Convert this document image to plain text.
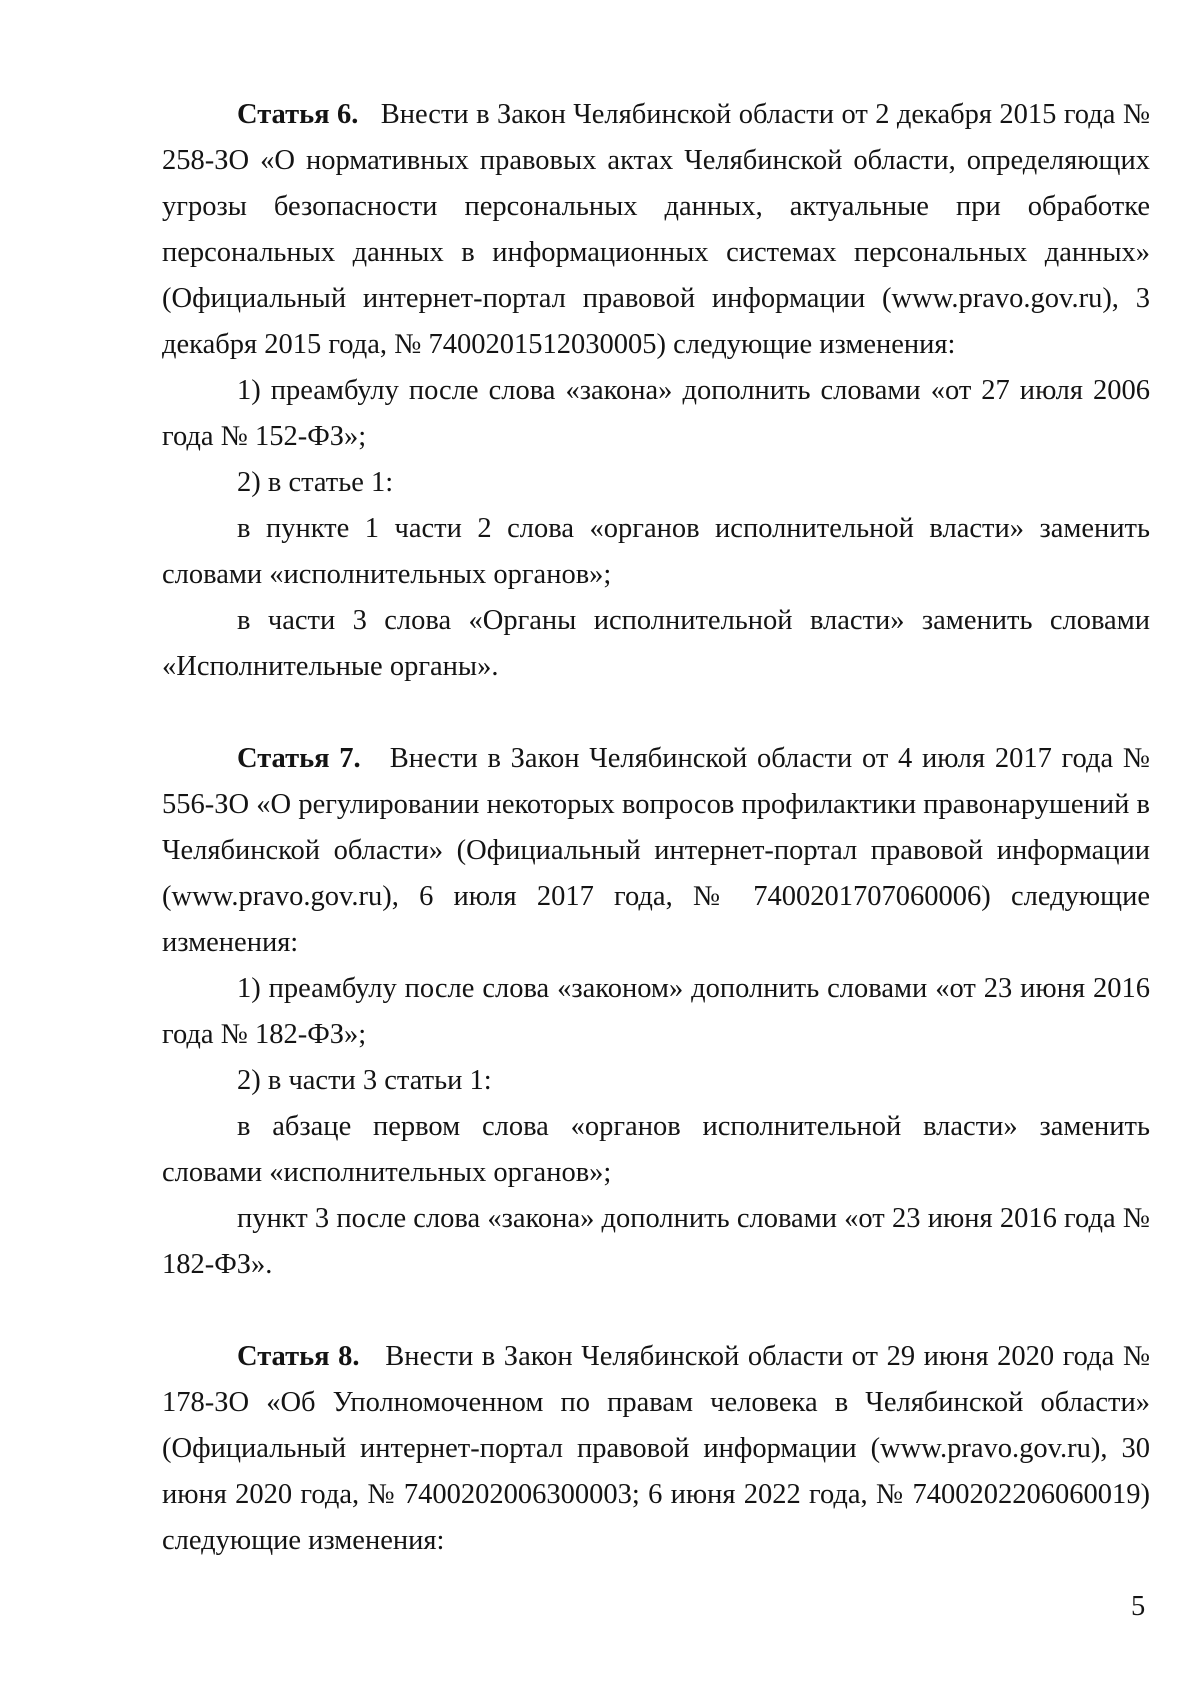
Статья 6. Внести в Закон Челябинской области от 2 декабря 2015 года № 258-ЗО «О нормативных правовых актах Челябинской области, определяющих угрозы безопасности персональных данных, актуальные при обработке персональных данных в информационных системах персональных данных» (Официальный интернет-портал правовой информации (www.pravo.gov.ru), 3 декабря 2015 года, № 7400201512030005) следующие изменения:

1) преамбулу после слова «закона» дополнить словами «от 27 июля 2006 года № 152-ФЗ»;

2) в статье 1:

в пункте 1 части 2 слова «органов исполнительной власти» заменить словами «исполнительных органов»;

в части 3 слова «Органы исполнительной власти» заменить словами «Исполнительные органы».

Статья 7. Внести в Закон Челябинской области от 4 июля 2017 года № 556-ЗО «О регулировании некоторых вопросов профилактики правонарушений в Челябинской области» (Официальный интернет-портал правовой информации (www.pravo.gov.ru), 6 июля 2017 года, № 7400201707060006) следующие изменения:

1) преамбулу после слова «законом» дополнить словами «от 23 июня 2016 года № 182-ФЗ»;

2) в части 3 статьи 1:

в абзаце первом слова «органов исполнительной власти» заменить словами «исполнительных органов»;

пункт 3 после слова «закона» дополнить словами «от 23 июня 2016 года № 182-ФЗ».

Статья 8. Внести в Закон Челябинской области от 29 июня 2020 года № 178-ЗО «Об Уполномоченном по правам человека в Челябинской области» (Официальный интернет-портал правовой информации (www.pravo.gov.ru), 30 июня 2020 года, № 7400202006300003; 6 июня 2022 года, № 7400202206060019) следующие изменения:

5
